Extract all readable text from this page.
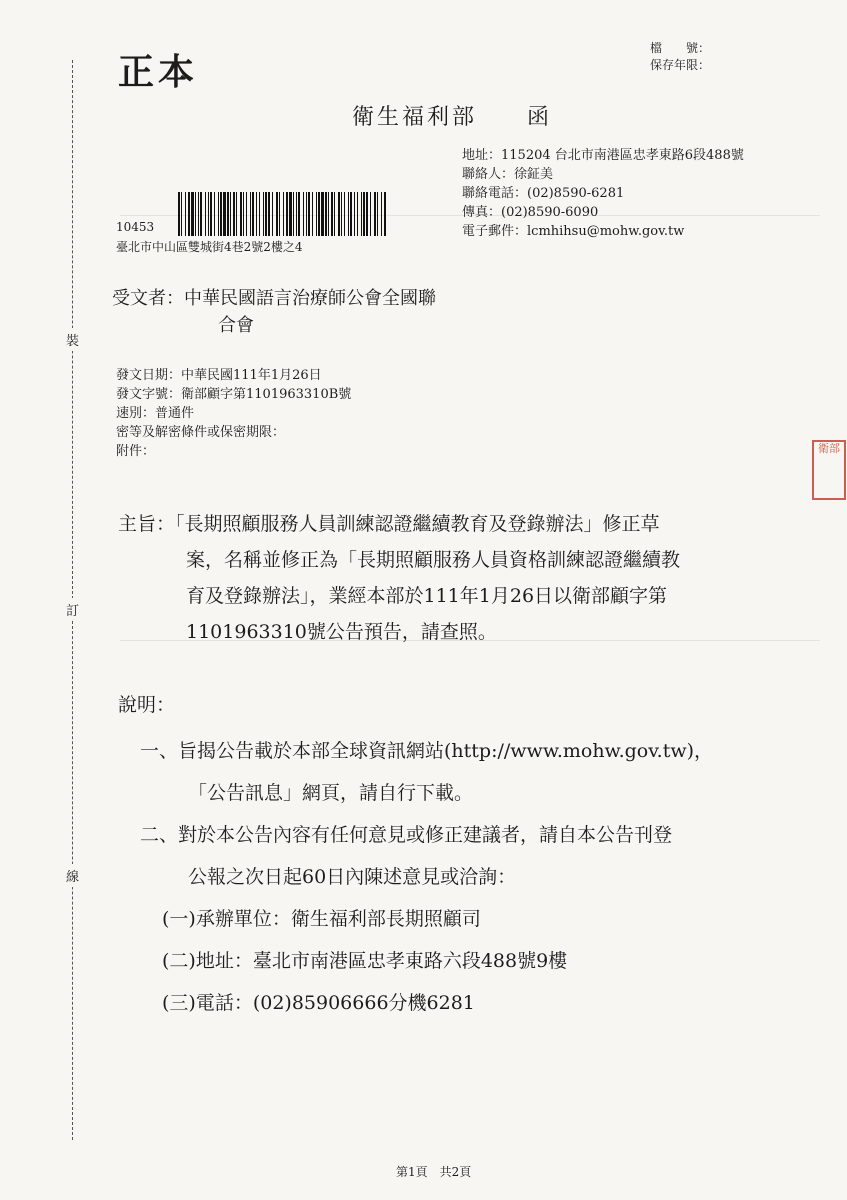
裝
訂
線
正本
檔　　號：
保存年限：
衛生福利部　　函
地址：115204 台北市南港區忠孝東路6段488號
聯絡人：徐鉦美
聯絡電話：(02)8590-6281
傳真：(02)8590-6090
電子郵件：lcmhihsu@mohw.gov.tw
10453
臺北市中山區雙城街4巷2號2樓之4
受文者：中華民國語言治療師公會全國聯
合會
發文日期：中華民國111年1月26日
發文字號：衛部顧字第1101963310B號
速別：普通件
密等及解密條件或保密期限：
附件：
主旨：「長期照顧服務人員訓練認證繼續教育及登錄辦法」修正草
案，名稱並修正為「長期照顧服務人員資格訓練認證繼續教
育及登錄辦法」，業經本部於111年1月26日以衛部顧字第
1101963310號公告預告，請查照。
說明：
一、旨揭公告載於本部全球資訊網站(http://www.mohw.gov.tw)，
「公告訊息」網頁，請自行下載。
二、對於本公告內容有任何意見或修正建議者，請自本公告刊登
公報之次日起60日內陳述意見或洽詢：
(一)承辦單位：衛生福利部長期照顧司
(二)地址：臺北市南港區忠孝東路六段488號9樓
(三)電話：(02)85906666分機6281
衛部
第1頁　共2頁
